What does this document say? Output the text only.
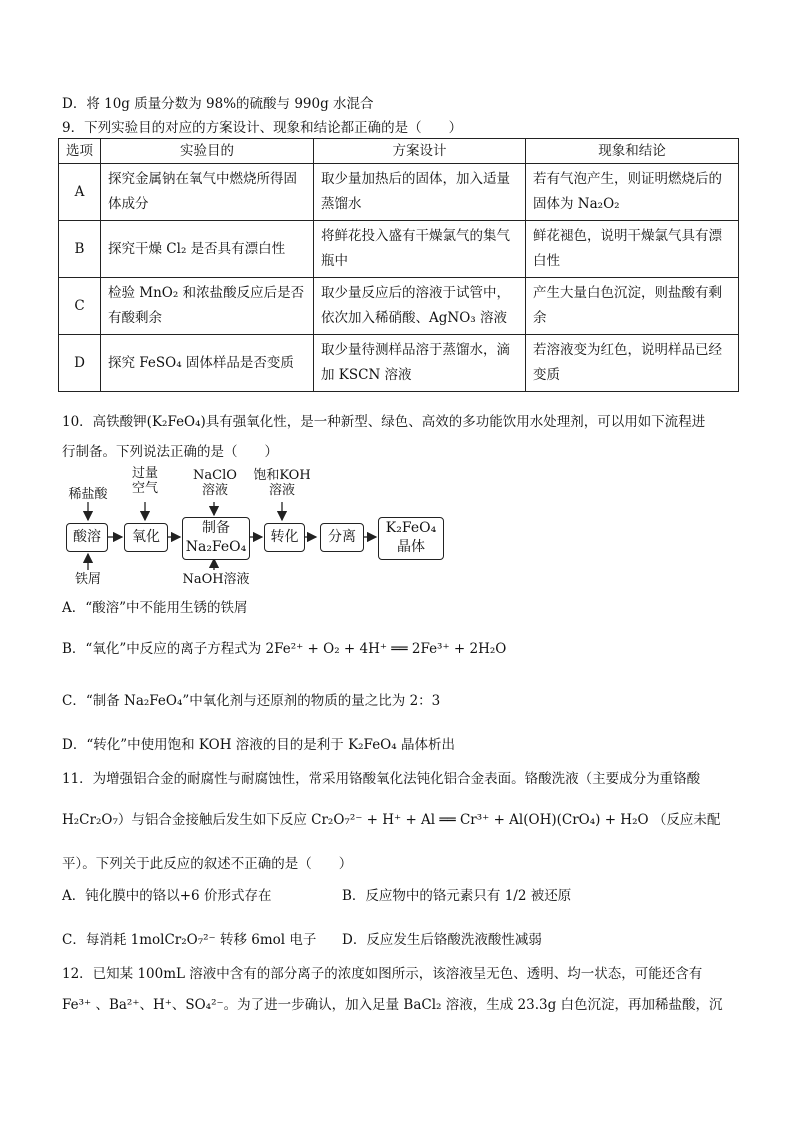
D．将 10g 质量分数为 98%的硫酸与 990g 水混合
9．下列实验目的对应的方案设计、现象和结论都正确的是（　　）
选项	实验目的	方案设计	现象和结论
A	探究金属钠在氧气中燃烧所得固体成分	取少量加热后的固体，加入适量蒸馏水	若有气泡产生，则证明燃烧后的固体为 Na₂O₂
B	探究干燥 Cl₂ 是否具有漂白性	将鲜花投入盛有干燥氯气的集气瓶中	鲜花褪色，说明干燥氯气具有漂白性
C	检验 MnO₂ 和浓盐酸反应后是否有酸剩余	取少量反应后的溶液于试管中，依次加入稀硝酸、AgNO₃ 溶液	产生大量白色沉淀，则盐酸有剩余
D	探究 FeSO₄ 固体样品是否变质	取少量待测样品溶于蒸馏水，滴加 KSCN 溶液	若溶液变为红色，说明样品已经变质
10．高铁酸钾(K₂FeO₄)具有强氧化性，是一种新型、绿色、高效的多功能饮用水处理剂，可以用如下流程进
行制备。下列说法正确的是（　　）
稀盐酸
过量 空气
NaClO 溶液
饱和KOH 溶液
酸溶	氧化
制备 Na₂FeO₄
转化	分离
K₂FeO₄ 晶体
铁屑	NaOH溶液
A．“酸溶”中不能用生锈的铁屑
B．“氧化”中反应的离子方程式为 2Fe²⁺ + O₂ + 4H⁺ ══ 2Fe³⁺ + 2H₂O
C．“制备 Na₂FeO₄”中氧化剂与还原剂的物质的量之比为 2：3
D．“转化”中使用饱和 KOH 溶液的目的是利于 K₂FeO₄ 晶体析出
11．为增强铝合金的耐腐性与耐腐蚀性，常采用铬酸氧化法钝化铝合金表面。铬酸洗液（主要成分为重铬酸
H₂Cr₂O₇）与铝合金接触后发生如下反应 Cr₂O₇²⁻ + H⁺ + Al ══ Cr³⁺ + Al(OH)(CrO₄) + H₂O （反应未配
平）。下列关于此反应的叙述不正确的是（　　）
A．钝化膜中的铬以+6 价形式存在	B．反应物中的铬元素只有 1/2 被还原
C．每消耗 1molCr₂O₇²⁻ 转移 6mol 电子 D．反应发生后铬酸洗液酸性减弱
12．已知某 100mL 溶液中含有的部分离子的浓度如图所示，该溶液呈无色、透明、均一状态，可能还含有
Fe³⁺ 、Ba²⁺、H⁺、SO₄²⁻。为了进一步确认，加入足量 BaCl₂ 溶液，生成 23.3g 白色沉淀，再加稀盐酸，沉
